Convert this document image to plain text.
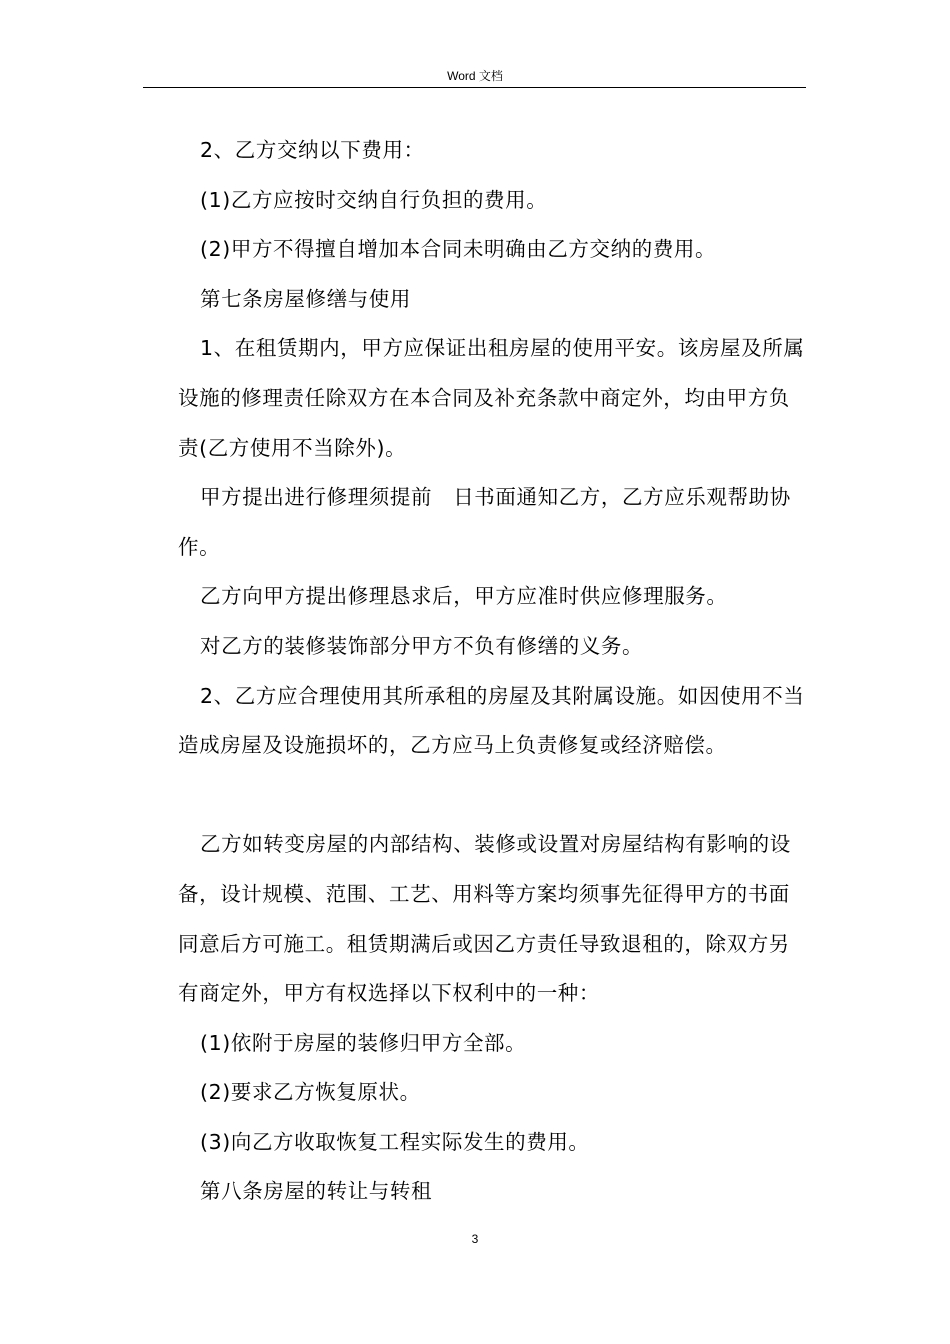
Word 文档

2、乙方交纳以下费用：

(1)乙方应按时交纳自行负担的费用。

(2)甲方不得擅自增加本合同未明确由乙方交纳的费用。

第七条房屋修缮与使用

1、在租赁期内，甲方应保证出租房屋的使用平安。该房屋及所属设施的修理责任除双方在本合同及补充条款中商定外，均由甲方负责(乙方使用不当除外)。

甲方提出进行修理须提前　日书面通知乙方，乙方应乐观帮助协作。

乙方向甲方提出修理恳求后，甲方应准时供应修理服务。

对乙方的装修装饰部分甲方不负有修缮的义务。

2、乙方应合理使用其所承租的房屋及其附属设施。如因使用不当造成房屋及设施损坏的，乙方应马上负责修复或经济赔偿。

乙方如转变房屋的内部结构、装修或设置对房屋结构有影响的设备，设计规模、范围、工艺、用料等方案均须事先征得甲方的书面同意后方可施工。租赁期满后或因乙方责任导致退租的，除双方另有商定外，甲方有权选择以下权利中的一种：

(1)依附于房屋的装修归甲方全部。

(2)要求乙方恢复原状。

(3)向乙方收取恢复工程实际发生的费用。

第八条房屋的转让与转租

3
